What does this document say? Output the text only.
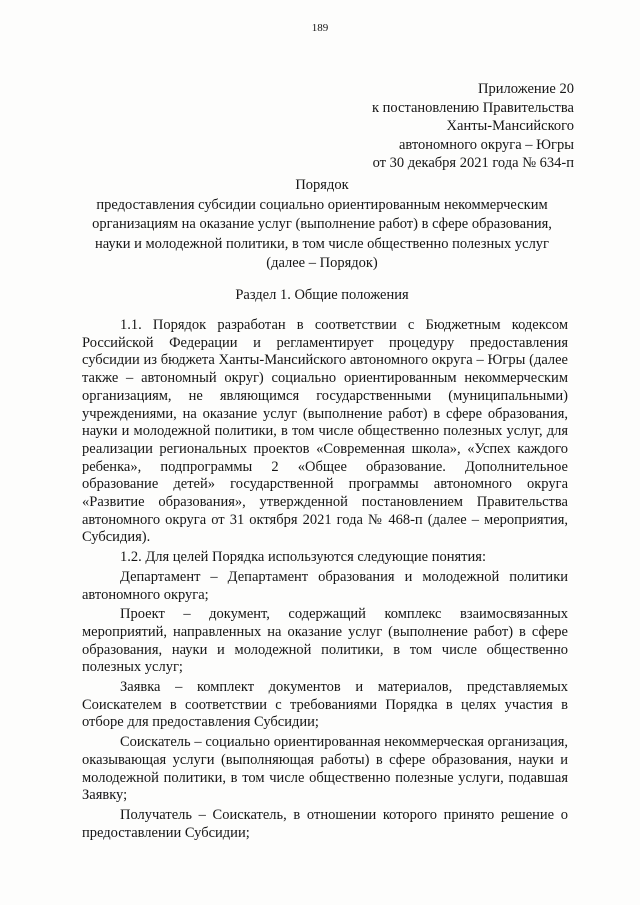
189
Приложение 20
к постановлению Правительства
Ханты-Мансийского
автономного округа – Югры
от 30 декабря 2021 года № 634-п
Порядок
предоставления субсидии социально ориентированным некоммерческим
организациям на оказание услуг (выполнение работ) в сфере образования,
науки и молодежной политики, в том числе общественно полезных услуг
(далее – Порядок)
Раздел 1. Общие положения

1.1. Порядок разработан в соответствии с Бюджетным кодексом Российской Федерации и регламентирует процедуру предоставления субсидии из бюджета Ханты-Мансийского автономного округа – Югры (далее также – автономный округ) социально ориентированным некоммерческим организациям, не являющимся государственными (муниципальными) учреждениями, на оказание услуг (выполнение работ) в сфере образования, науки и молодежной политики, в том числе общественно полезных услуг, для реализации региональных проектов «Современная школа», «Успех каждого ребенка», подпрограммы 2 «Общее образование. Дополнительное образование детей» государственной программы автономного округа «Развитие образования», утвержденной постановлением Правительства автономного округа от 31 октября 2021 года № 468-п (далее – мероприятия, Субсидия).

1.2. Для целей Порядка используются следующие понятия:

Департамент – Департамент образования и молодежной политики автономного округа;

Проект – документ, содержащий комплекс взаимосвязанных мероприятий, направленных на оказание услуг (выполнение работ) в сфере образования, науки и молодежной политики, в том числе общественно полезных услуг;

Заявка – комплект документов и материалов, представляемых Соискателем в соответствии с требованиями Порядка в целях участия в отборе для предоставления Субсидии;

Соискатель – социально ориентированная некоммерческая организация, оказывающая услуги (выполняющая работы) в сфере образования, науки и молодежной политики, в том числе общественно полезные услуги, подавшая Заявку;

Получатель – Соискатель, в отношении которого принято решение о предоставлении Субсидии;
